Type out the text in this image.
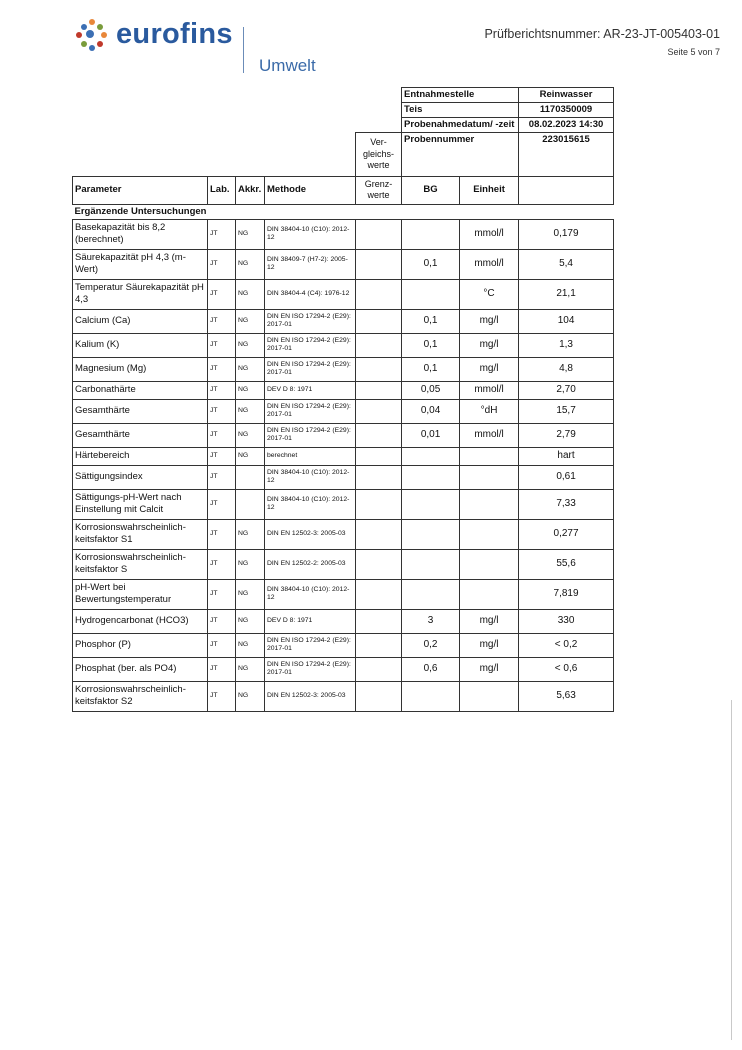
eurofins
Umwelt
Prüfberichtsnummer: AR-23-JT-005403-01
Seite 5 von 7
					Entnahmestelle		Reinwasser
					Teis		1170350009
					Probenahmedatum/ -zeit		08.02.2023 14:30
				Ver- gleichs- werte	Probennummer		223015615
Parameter	Lab.	Akkr.	Methode	Grenz- werte	BG	Einheit	
Ergänzende Untersuchungen							
Basekapazität bis 8,2 (berechnet)	JT	NG	DIN 38404-10 (C10): 2012-12			mmol/l	0,179
Säurekapazität pH 4,3 (m-Wert)	JT	NG	DIN 38409-7 (H7-2): 2005-12		0,1	mmol/l	5,4
Temperatur Säurekapazität pH 4,3	JT	NG	DIN 38404-4 (C4): 1976-12			°C	21,1
Calcium (Ca)	JT	NG	DIN EN ISO 17294-2 (E29): 2017-01		0,1	mg/l	104
Kalium (K)	JT	NG	DIN EN ISO 17294-2 (E29): 2017-01		0,1	mg/l	1,3
Magnesium (Mg)	JT	NG	DIN EN ISO 17294-2 (E29): 2017-01		0,1	mg/l	4,8
Carbonathärte	JT	NG	DEV D 8: 1971		0,05	mmol/l	2,70
Gesamthärte	JT	NG	DIN EN ISO 17294-2 (E29): 2017-01		0,04	°dH	15,7
Gesamthärte	JT	NG	DIN EN ISO 17294-2 (E29): 2017-01		0,01	mmol/l	2,79
Härtebereich	JT	NG	berechnet				hart
Sättigungsindex	JT		DIN 38404-10 (C10): 2012-12				0,61
Sättigungs-pH-Wert nach Einstellung mit Calcit	JT		DIN 38404-10 (C10): 2012-12				7,33
Korrosionswahrscheinlich-keitsfaktor S1	JT	NG	DIN EN 12502-3: 2005-03				0,277
Korrosionswahrscheinlich-keitsfaktor S	JT	NG	DIN EN 12502-2: 2005-03				55,6
pH-Wert bei Bewertungstemperatur	JT	NG	DIN 38404-10 (C10): 2012-12				7,819
Hydrogencarbonat (HCO3)	JT	NG	DEV D 8: 1971		3	mg/l	330
Phosphor (P)	JT	NG	DIN EN ISO 17294-2 (E29): 2017-01		0,2	mg/l	< 0,2
Phosphat (ber. als PO4)	JT	NG	DIN EN ISO 17294-2 (E29): 2017-01		0,6	mg/l	< 0,6
Korrosionswahrscheinlich-keitsfaktor S2	JT	NG	DIN EN 12502-3: 2005-03				5,63
